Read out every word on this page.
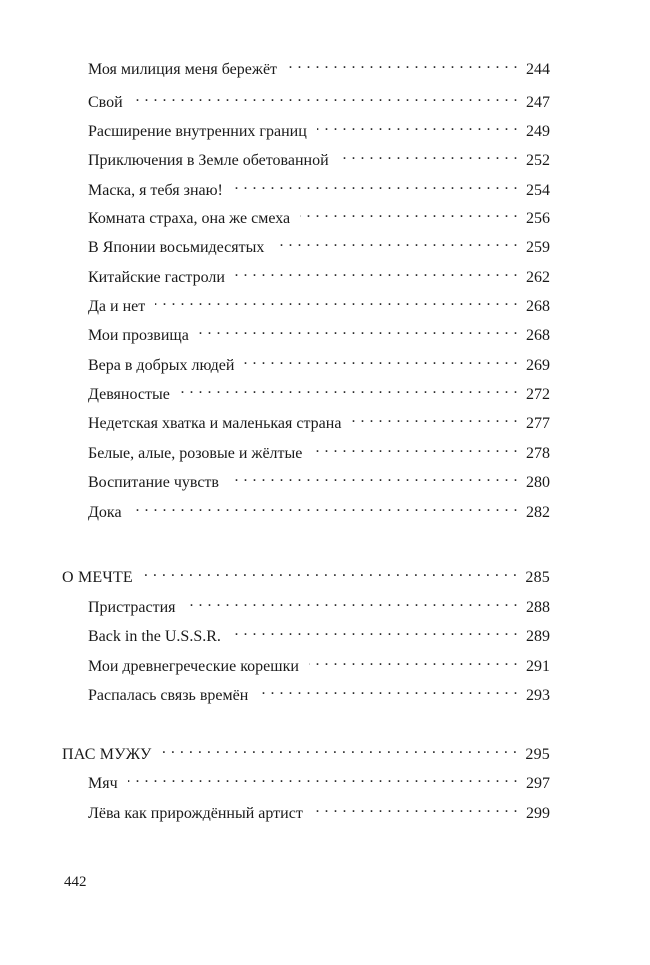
Моя милиция меня бережёт . . .	244
Свой . . .	247
Расширение внутренних границ . . .	249
Приключения в Земле обетованной . . .	252
Маска, я тебя знаю! . . .	254
Комната страха, она же смеха . . .	256
В Японии восьмидесятых . . .	259
Китайские гастроли . . .	262
Да и нет . . .	268
Мои прозвища . . .	268
Вера в добрых людей . . .	269
Девяностые . . .	272
Недетская хватка и маленькая страна . . .	277
Белые, алые, розовые и жёлтые . . .	278
Воспитание чувств . . .	280
Дока . . .	282
О МЕЧТЕ . . .	285
Пристрастия . . .	288
Back in the U.S.S.R. . . .	289
Мои древнегреческие корешки . . .	291
Распалась связь времён . . .	293
ПАС МУЖУ . . .	295
Мяч . . .	297
Лёва как прирождённый артист . . .	299
442
